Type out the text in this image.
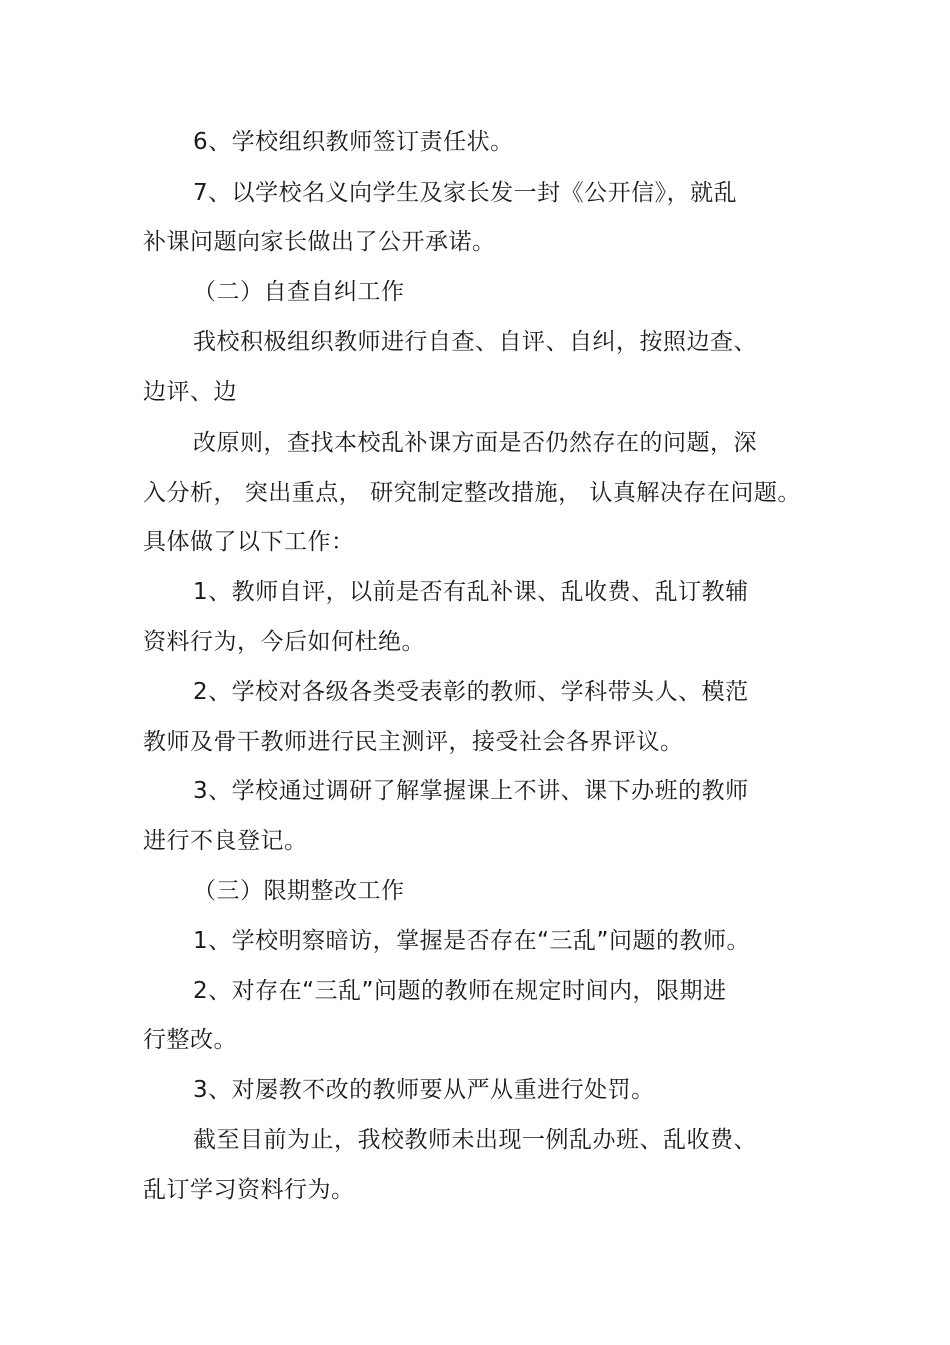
6、学校组织教师签订责任状。
7、以学校名义向学生及家长发一封《公开信》，就乱
补课问题向家长做出了公开承诺。
（二）自查自纠工作
我校积极组织教师进行自查、自评、自纠，按照边查、
边评、边
改原则，查找本校乱补课方面是否仍然存在的问题，深
入分析， 突出重点， 研究制定整改措施， 认真解决存在问题。
具体做了以下工作：
1、教师自评，以前是否有乱补课、乱收费、乱订教辅
资料行为，今后如何杜绝。
2、学校对各级各类受表彰的教师、学科带头人、模范
教师及骨干教师进行民主测评，接受社会各界评议。
3、学校通过调研了解掌握课上不讲、课下办班的教师
进行不良登记。
（三）限期整改工作
1、学校明察暗访，掌握是否存在“三乱”问题的教师。
2、对存在“三乱”问题的教师在规定时间内，限期进
行整改。
3、对屡教不改的教师要从严从重进行处罚。
截至目前为止，我校教师未出现一例乱办班、乱收费、
乱订学习资料行为。
